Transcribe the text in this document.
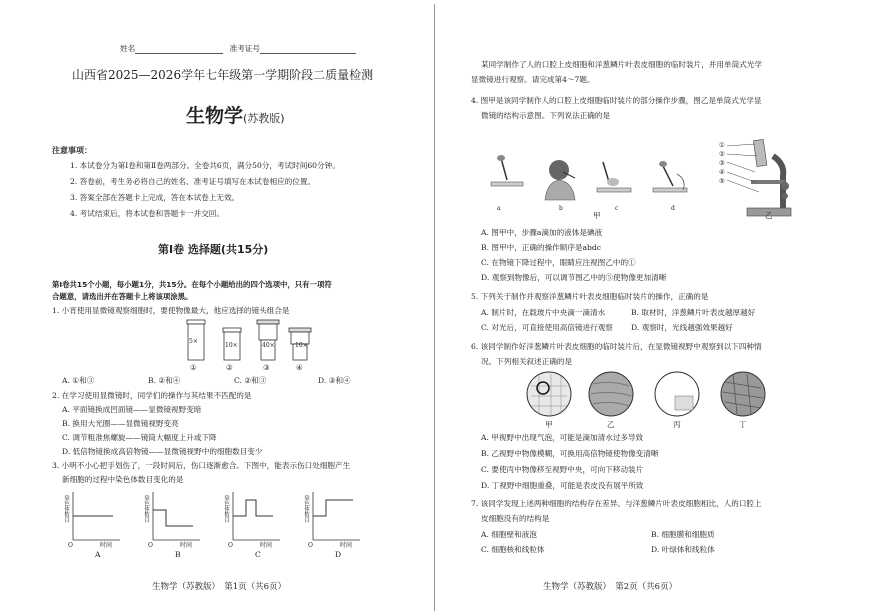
姓名	准考证号
山西省2025—2026学年七年级第一学期阶段二质量检测
生物学(苏教版)
注意事项：
1. 本试卷分为第Ⅰ卷和第Ⅱ卷两部分。全卷共6页，满分50分，考试时间60分钟。
2. 答卷前，考生务必将自己的姓名、准考证号填写在本试卷相应的位置。
3. 答案全部在答题卡上完成，答在本试卷上无效。
4. 考试结束后，将本试卷和答题卡一并交回。
第Ⅰ卷 选择题(共15分)
第Ⅰ卷共15个小题，每小题1分，共15分。在每个小题给出的四个选项中，只有一项符
合题意，请选出并在答题卡上将该项涂黑。
1. 小宵使用显微镜观察细胞时，要使物像最大，他应选择的镜头组合是
5×
10×	40×	10×
①	②	③	④
A. ①和③	B. ②和④	C. ②和③	D. ③和④
2. 在学习使用显微镜时，同学们的操作与其结果不匹配的是
A. 平面镜换成凹面镜——显微镜视野变暗
B. 换用大光圈——显微镜视野变亮
C. 调节粗准焦螺旋——镜筒大幅度上升或下降
D. 低倍物镜换成高倍物镜——显微镜视野中的细胞数目变少
3. 小明不小心把手划伤了，一段时间后，伤口逐渐愈合。下图中，能表示伤口处细胞产生
新细胞的过程中染色体数目变化的是
染色体数目	染色体数目	染色体数目	染色体数目
O	O	O	O
时间	时间	时间	时间
A	B	C	D
生物学（苏教版）　第1页（共6页）
某同学制作了人的口腔上皮细胞和洋葱鳞片叶表皮细胞的临时装片，并用单筒式光学
显微镜进行观察。请完成第4～7题。
4. 图甲是该同学制作人的口腔上皮细胞临时装片的部分操作步骤，图乙是单筒式光学显
微镜的结构示意图。下列说法正确的是
a	b	c	d
甲
①
②
③
④
⑤
乙
A. 图甲中，步骤a滴加的液体是碘液
B. 图甲中，正确的操作顺序是abdc
C. 在物镜下降过程中，眼睛应注视图乙中的①
D. 观察到物像后，可以调节图乙中的⑤使物像更加清晰
5. 下列关于制作并观察洋葱鳞片叶表皮细胞临时装片的操作，正确的是
A. 制片时，在载玻片中央滴一滴清水	B. 取材时，洋葱鳞片叶表皮越厚越好
C. 对光后，可直接使用高倍镜进行观察 D. 观察时，光线越强效果越好
6. 该同学制作好洋葱鳞片叶表皮细胞的临时装片后，在显微镜视野中观察到以下四种情
况。下列相关叙述正确的是
甲	乙	丙	丁
A. 甲视野中出现气泡，可能是滴加清水过多导致
B. 乙视野中物像模糊，可换用高倍物镜使物像变清晰
C. 要使丙中物像移至视野中央，可向下移动装片
D. 丁视野中细胞重叠，可能是表皮没有展平所致
7. 该同学发现上述两种细胞的结构存在差异。与洋葱鳞片叶表皮细胞相比，人的口腔上
皮细胞没有的结构是
A. 细胞壁和液泡	B. 细胞膜和细胞质
C. 细胞核和线粒体	D. 叶绿体和线粒体
生物学（苏教版）　第2页（共6页）
